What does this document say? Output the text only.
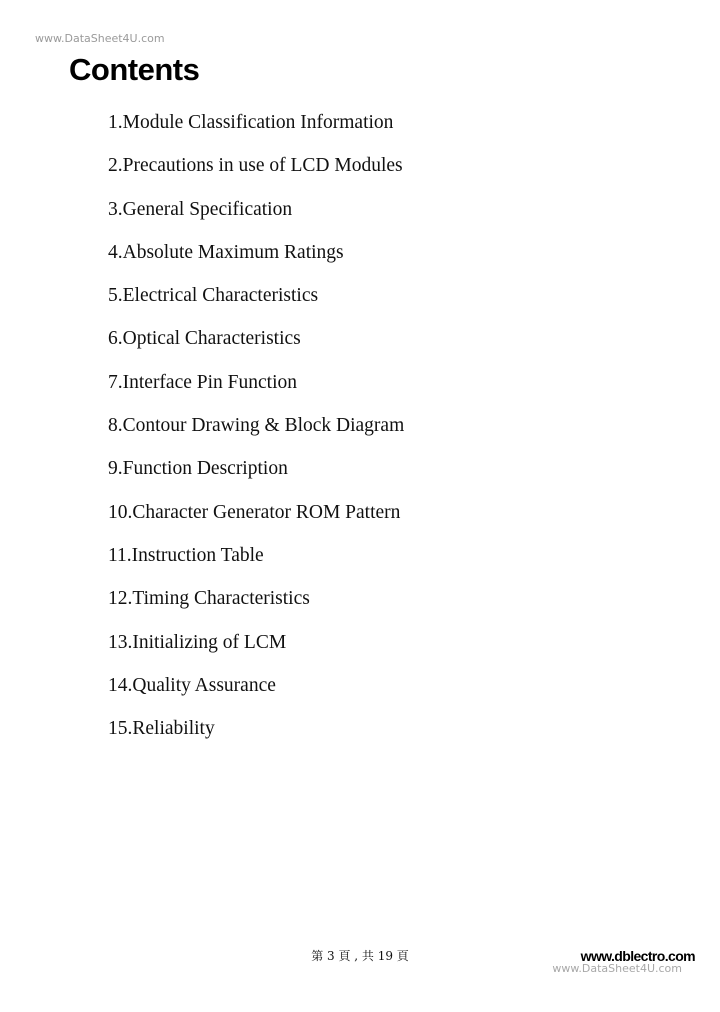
www.DataSheet4U.com
Contents
1.Module Classification Information
2.Precautions in use of LCD Modules
3.General Specification
4.Absolute Maximum Ratings
5.Electrical Characteristics
6.Optical Characteristics
7.Interface Pin Function
8.Contour Drawing & Block Diagram
9.Function Description
10.Character Generator ROM Pattern
11.Instruction Table
12.Timing Characteristics
13.Initializing of LCM
14.Quality Assurance
15.Reliability
第 3 頁 , 共 19 頁	www.dblectro.com
www.DataSheet4U.com
